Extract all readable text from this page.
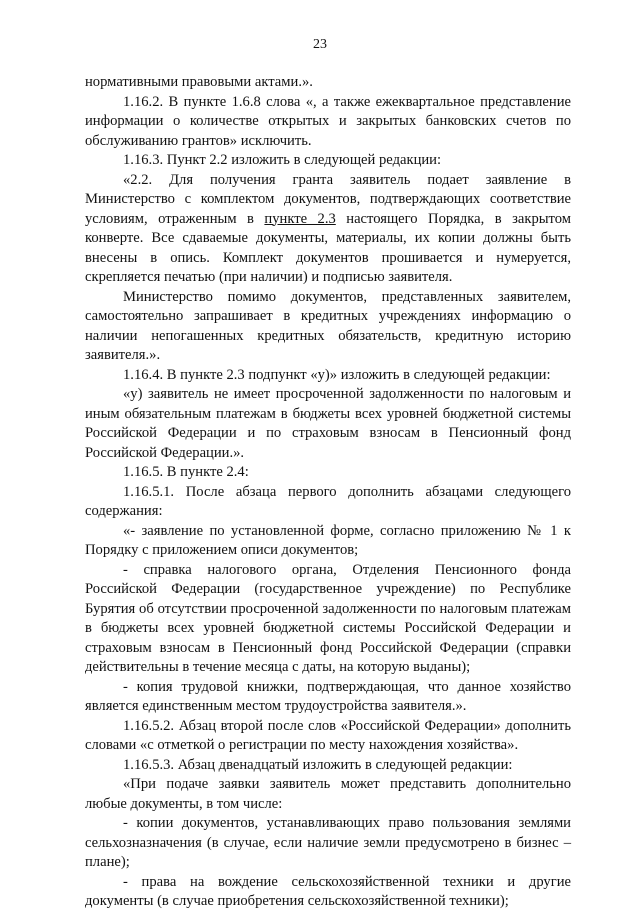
23

нормативными правовыми актами.».

1.16.2. В пункте 1.6.8 слова «, а также ежеквартальное представление информации о количестве открытых и закрытых банковских счетов по обслуживанию грантов» исключить.

1.16.3. Пункт 2.2 изложить в следующей редакции:

«2.2. Для получения гранта заявитель подает заявление в Министерство с комплектом документов, подтверждающих соответствие условиям, отраженным в пункте 2.3 настоящего Порядка, в закрытом конверте. Все сдаваемые документы, материалы, их копии должны быть внесены в опись. Комплект документов прошивается и нумеруется, скрепляется печатью (при наличии) и подписью заявителя.

Министерство помимо документов, представленных заявителем, самостоятельно запрашивает в кредитных учреждениях информацию о наличии непогашенных кредитных обязательств, кредитную историю заявителя.».

1.16.4. В пункте 2.3 подпункт «у)» изложить в следующей редакции:

«у) заявитель не имеет просроченной задолженности по налоговым и иным обязательным платежам в бюджеты всех уровней бюджетной системы Российской Федерации и по страховым взносам в Пенсионный фонд Российской Федерации.».

1.16.5. В пункте 2.4:

1.16.5.1. После абзаца первого дополнить абзацами следующего содержания:

«- заявление по установленной форме, согласно приложению № 1 к Порядку с приложением описи документов;

- справка налогового органа, Отделения Пенсионного фонда Российской Федерации (государственное учреждение) по Республике Бурятия об отсутствии просроченной задолженности по налоговым платежам в бюджеты всех уровней бюджетной системы Российской Федерации и страховым взносам в Пенсионный фонд Российской Федерации (справки действительны в течение месяца с даты, на которую выданы);

- копия трудовой книжки, подтверждающая, что данное хозяйство является единственным местом трудоустройства заявителя.».

1.16.5.2. Абзац второй после слов «Российской Федерации» дополнить словами «с отметкой о регистрации по месту нахождения хозяйства».

1.16.5.3. Абзац двенадцатый изложить в следующей редакции:

«При подаче заявки заявитель может представить дополнительно любые документы, в том числе:

- копии документов, устанавливающих право пользования землями сельхозназначения (в случае, если наличие земли предусмотрено в бизнес – плане);

- права на вождение сельскохозяйственной техники и другие документы (в случае приобретения сельскохозяйственной техники);
